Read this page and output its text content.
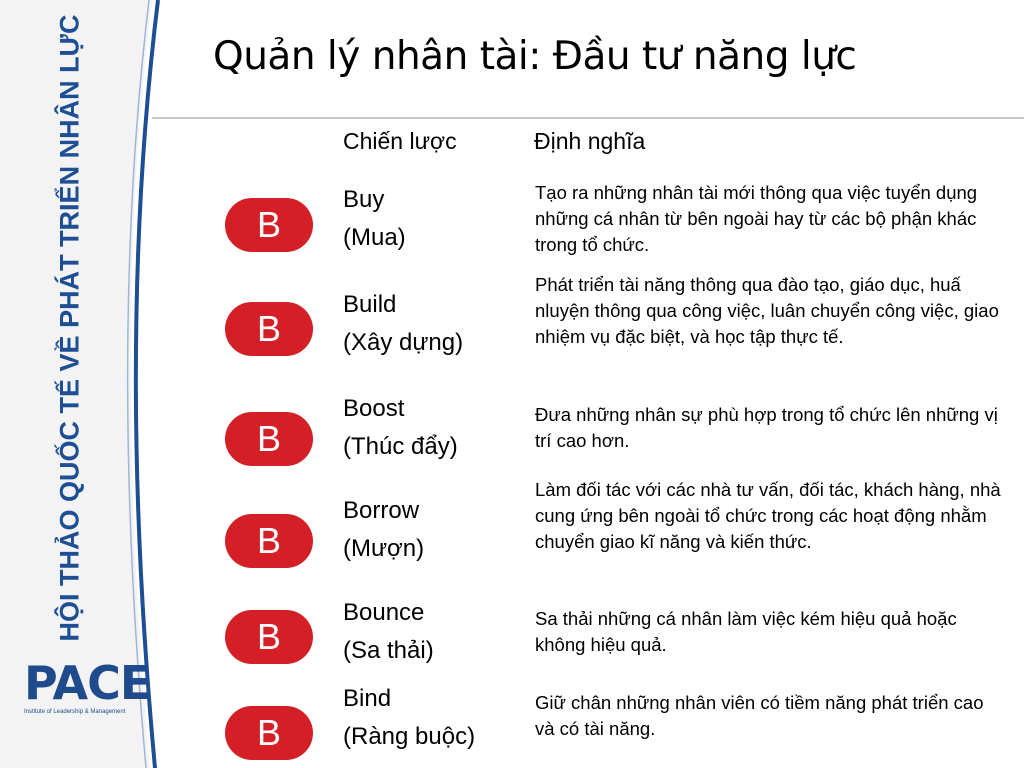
HỘI THẢO QUỐC TẾ VỀ PHÁT TRIỂN NHÂN LỰC
PACE
Institute of Leadership & Management
Quản lý nhân tài: Đầu tư năng lực
Chiến lược	Định nghĩa
B
Buy
(Mua)
Tạo ra những nhân tài mới thông qua việc tuyển dụng những cá nhân từ bên ngoài hay từ các bộ phận khác trong tổ chức.
B
Build
(Xây dựng)
Phát triển tài năng thông qua đào tạo, giáo dục, huấ nluyện thông qua công việc, luân chuyển công việc, giao nhiệm vụ đặc biệt, và học tập thực tế.
B
Boost
(Thúc đẩy)
Đưa những nhân sự phù hợp trong tổ chức lên những vị trí cao hơn.
B
Borrow
(Mượn)
Làm đối tác với các nhà tư vấn, đối tác, khách hàng, nhà cung ứng bên ngoài tổ chức trong các hoạt động nhằm chuyển giao kĩ năng và kiến thức.
B
Bounce
(Sa thải)
Sa thải những cá nhân làm việc kém hiệu quả hoặc không hiệu quả.
B
Bind
(Ràng buộc)
Giữ chân những nhân viên có tiềm năng phát triển cao và có tài năng.
